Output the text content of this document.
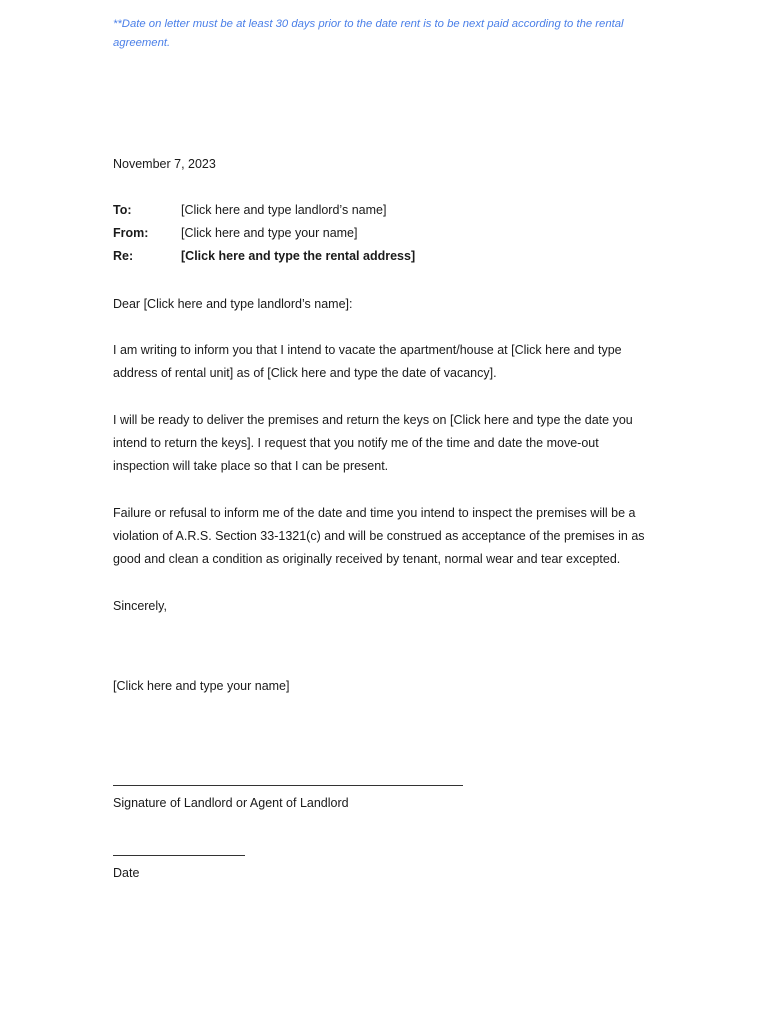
**Date on letter must be at least 30 days prior to the date rent is to be next paid according to the rental agreement.
November 7, 2023
To:	[Click here and type landlord’s name]
From:	[Click here and type your name]
Re:	[Click here and type the rental address]
Dear [Click here and type landlord’s name]:
I am writing to inform you that I intend to vacate the apartment/house at [Click here and type address of rental unit] as of [Click here and type the date of vacancy].
I will be ready to deliver the premises and return the keys on [Click here and type the date you intend to return the keys]. I request that you notify me of the time and date the move-out inspection will take place so that I can be present.
Failure or refusal to inform me of the date and time you intend to inspect the premises will be a violation of A.R.S. Section 33-1321(c) and will be construed as acceptance of the premises in as good and clean a condition as originally received by tenant, normal wear and tear excepted.
Sincerely,
[Click here and type your name]
Signature of Landlord or Agent of Landlord
Date
